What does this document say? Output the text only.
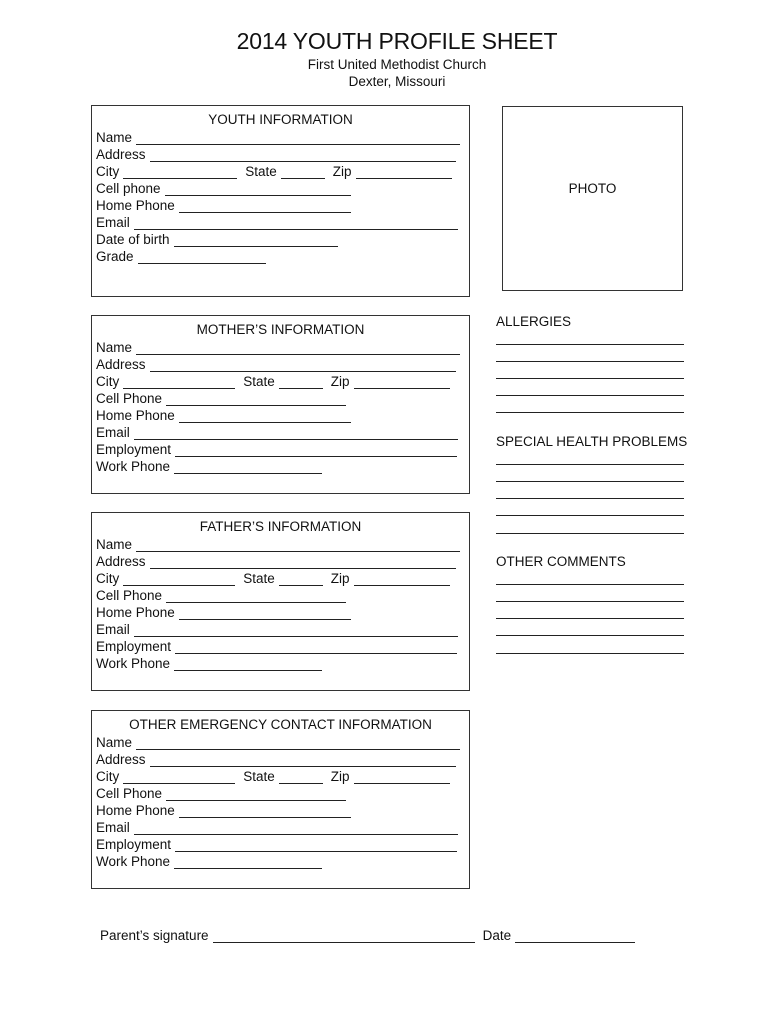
2014 YOUTH PROFILE SHEET
First United Methodist Church
Dexter, Missouri
YOUTH INFORMATION
Name
Address
City	State	Zip
Cell phone
Home Phone
Email
Date of birth
Grade
PHOTO
MOTHER’S INFORMATION
Name
Address
City	State	Zip
Cell Phone
Home Phone
Email
Employment
Work Phone
FATHER’S INFORMATION
Name
Address
City	State	Zip
Cell Phone
Home Phone
Email
Employment
Work Phone
OTHER EMERGENCY CONTACT INFORMATION
Name
Address
City	State	Zip
Cell Phone
Home Phone
Email
Employment
Work Phone
ALLERGIES
SPECIAL HEALTH PROBLEMS
OTHER COMMENTS
Parent’s signature	Date
